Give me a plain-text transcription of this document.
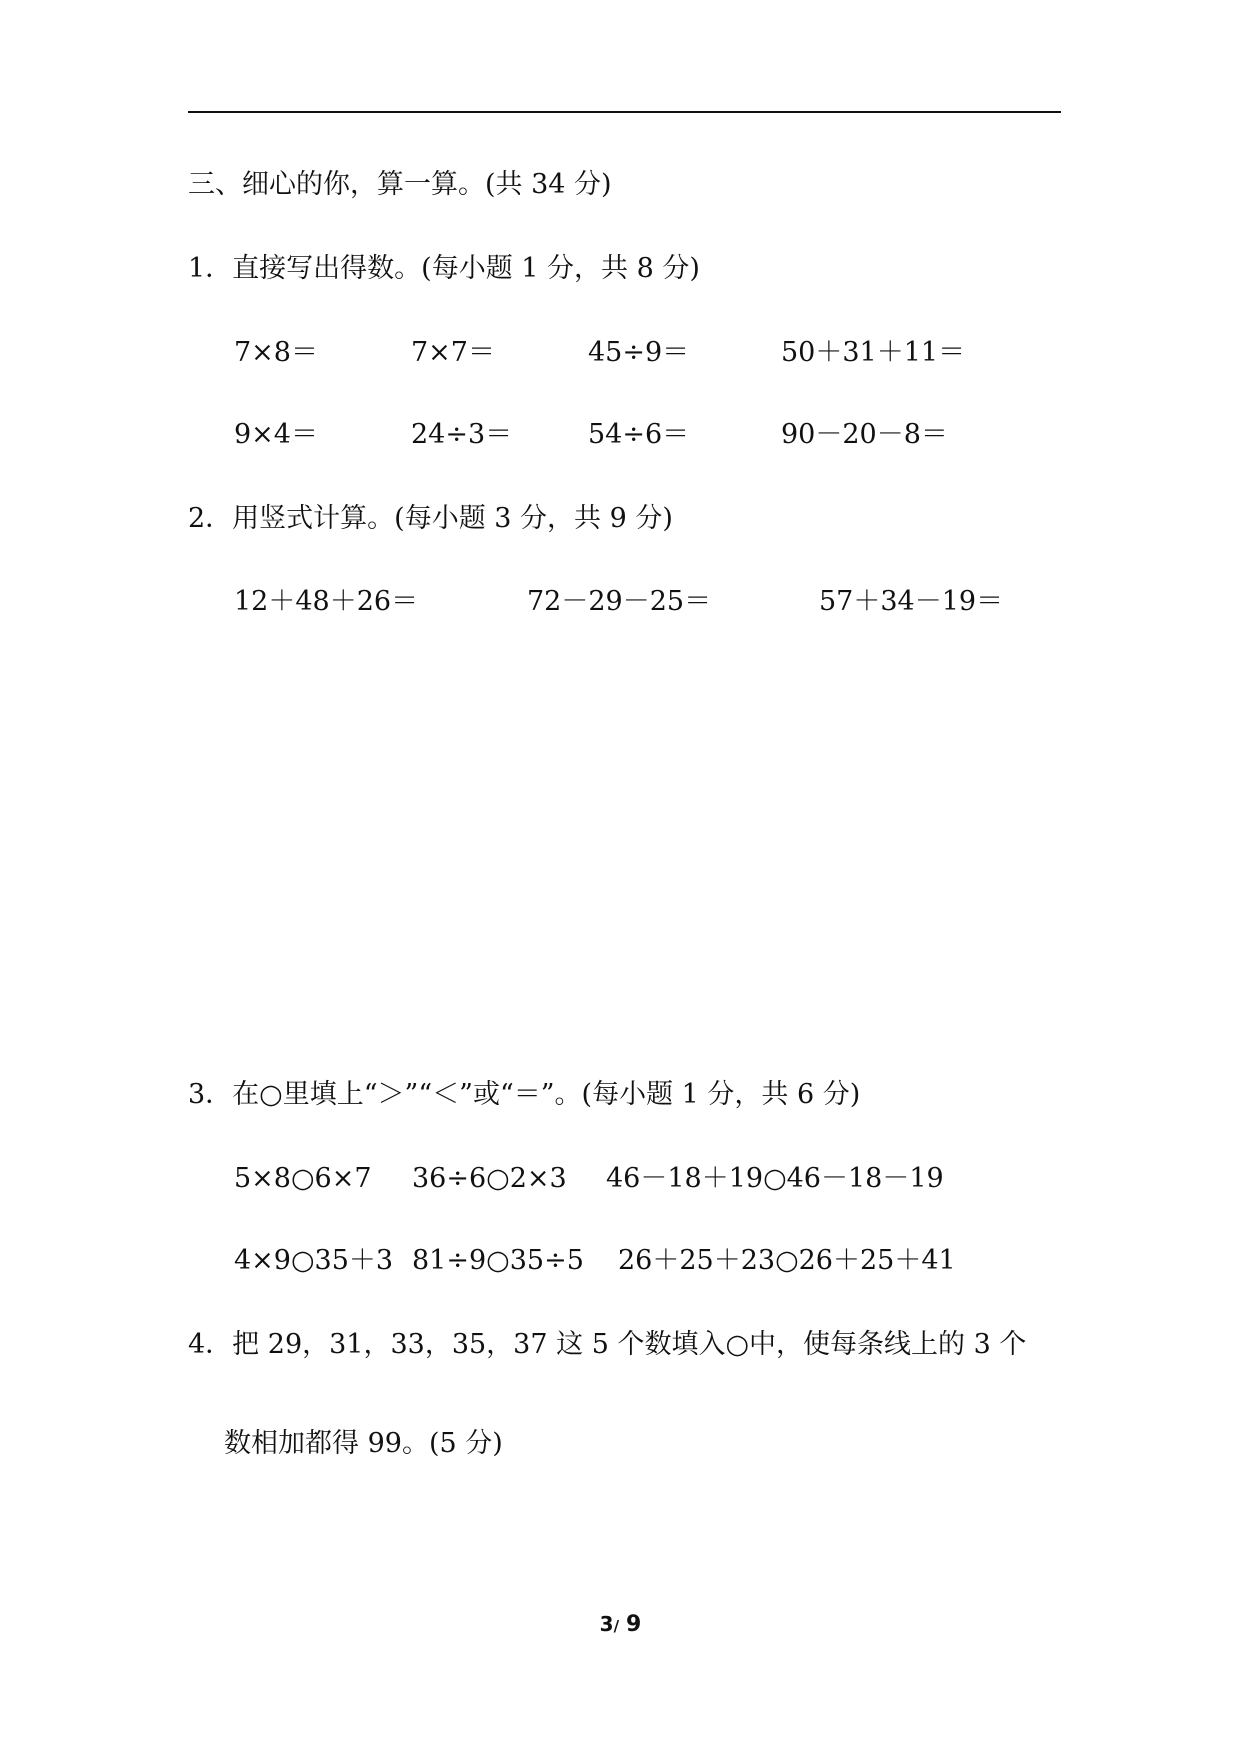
三、细心的你，算一算。(共 34 分)
1．直接写出得数。(每小题 1 分，共 8 分)
7×8＝	7×7＝	45÷9＝	50＋31＋11＝
9×4＝	24÷3＝	54÷6＝	90－20－8＝
2．用竖式计算。(每小题 3 分，共 9 分)
12＋48＋26＝	72－29－25＝	57＋34－19＝
3．在○里填上“＞”“＜”或“＝”。(每小题 1 分，共 6 分)
5×8○6×7 36÷6○2×3 46－18＋19○46－18－19
4×9○35＋3 81÷9○35÷5 26＋25＋23○26＋25＋41
4．把 29，31，33，35，37 这 5 个数填入○中，使每条线上的 3 个
数相加都得 99。(5 分)
3/ 9
